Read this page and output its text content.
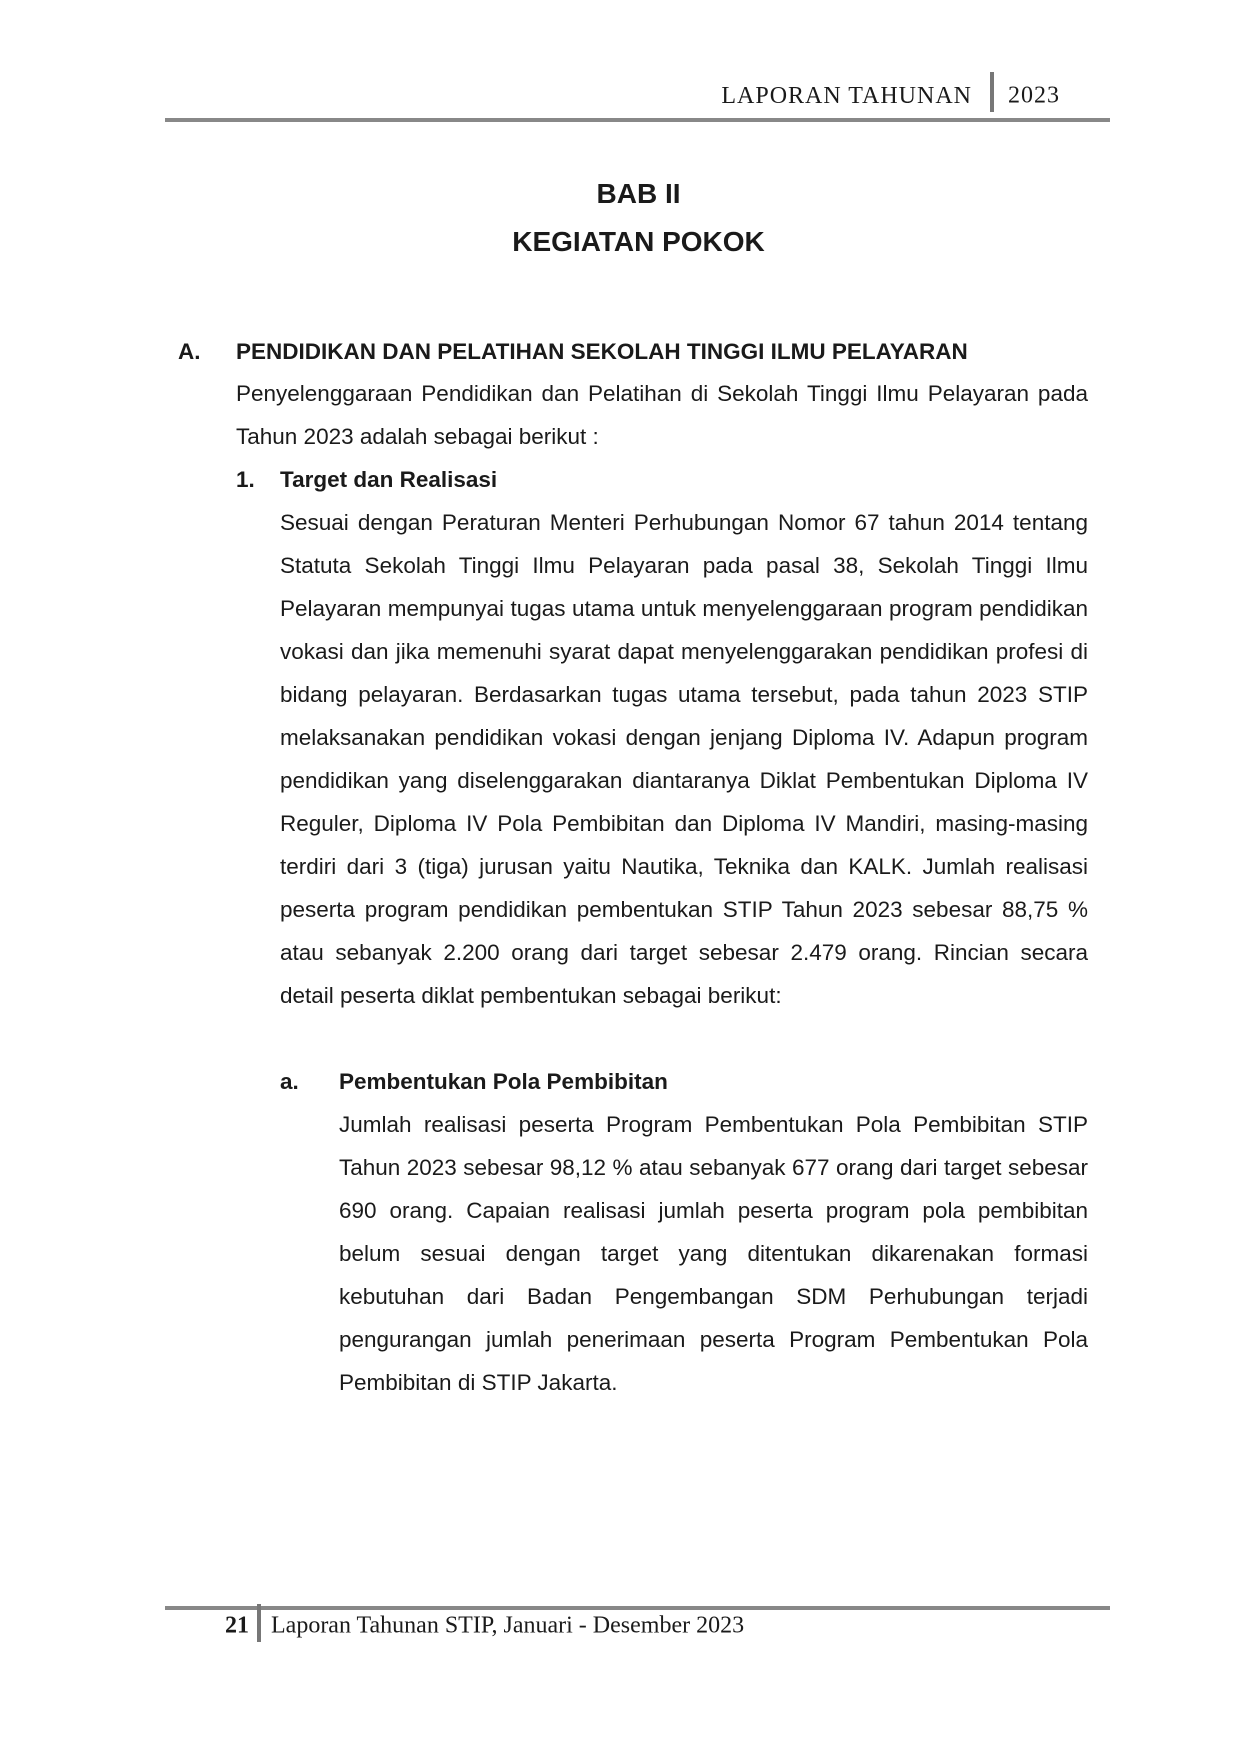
LAPORAN TAHUNAN 2023
BAB II
KEGIATAN POKOK
A. PENDIDIKAN DAN PELATIHAN SEKOLAH TINGGI ILMU PELAYARAN

Penyelenggaraan Pendidikan dan Pelatihan di Sekolah Tinggi Ilmu Pelayaran pada Tahun 2023 adalah sebagai berikut :

1. Target dan Realisasi

Sesuai dengan Peraturan Menteri Perhubungan Nomor 67 tahun 2014 tentang Statuta Sekolah Tinggi Ilmu Pelayaran pada pasal 38, Sekolah Tinggi Ilmu Pelayaran mempunyai tugas utama untuk menyelenggaraan program pendidikan vokasi dan jika memenuhi syarat dapat menyelenggarakan pendidikan profesi di bidang pelayaran. Berdasarkan tugas utama tersebut, pada tahun 2023 STIP melaksanakan pendidikan vokasi dengan jenjang Diploma IV. Adapun program pendidikan yang diselenggarakan diantaranya Diklat Pembentukan Diploma IV Reguler, Diploma IV Pola Pembibitan dan Diploma IV Mandiri, masing-masing terdiri dari 3 (tiga) jurusan yaitu Nautika, Teknika dan KALK. Jumlah realisasi peserta program pendidikan pembentukan STIP Tahun 2023 sebesar 88,75 % atau sebanyak 2.200 orang dari target sebesar 2.479 orang. Rincian secara detail peserta diklat pembentukan sebagai berikut:

a. Pembentukan Pola Pembibitan

Jumlah realisasi peserta Program Pembentukan Pola Pembibitan STIP Tahun 2023 sebesar 98,12 % atau sebanyak 677 orang dari target sebesar 690 orang. Capaian realisasi jumlah peserta program pola pembibitan belum sesuai dengan target yang ditentukan dikarenakan formasi kebutuhan dari Badan Pengembangan SDM Perhubungan terjadi pengurangan jumlah penerimaan peserta Program Pembentukan Pola Pembibitan di STIP Jakarta.

21 Laporan Tahunan STIP, Januari - Desember 2023
